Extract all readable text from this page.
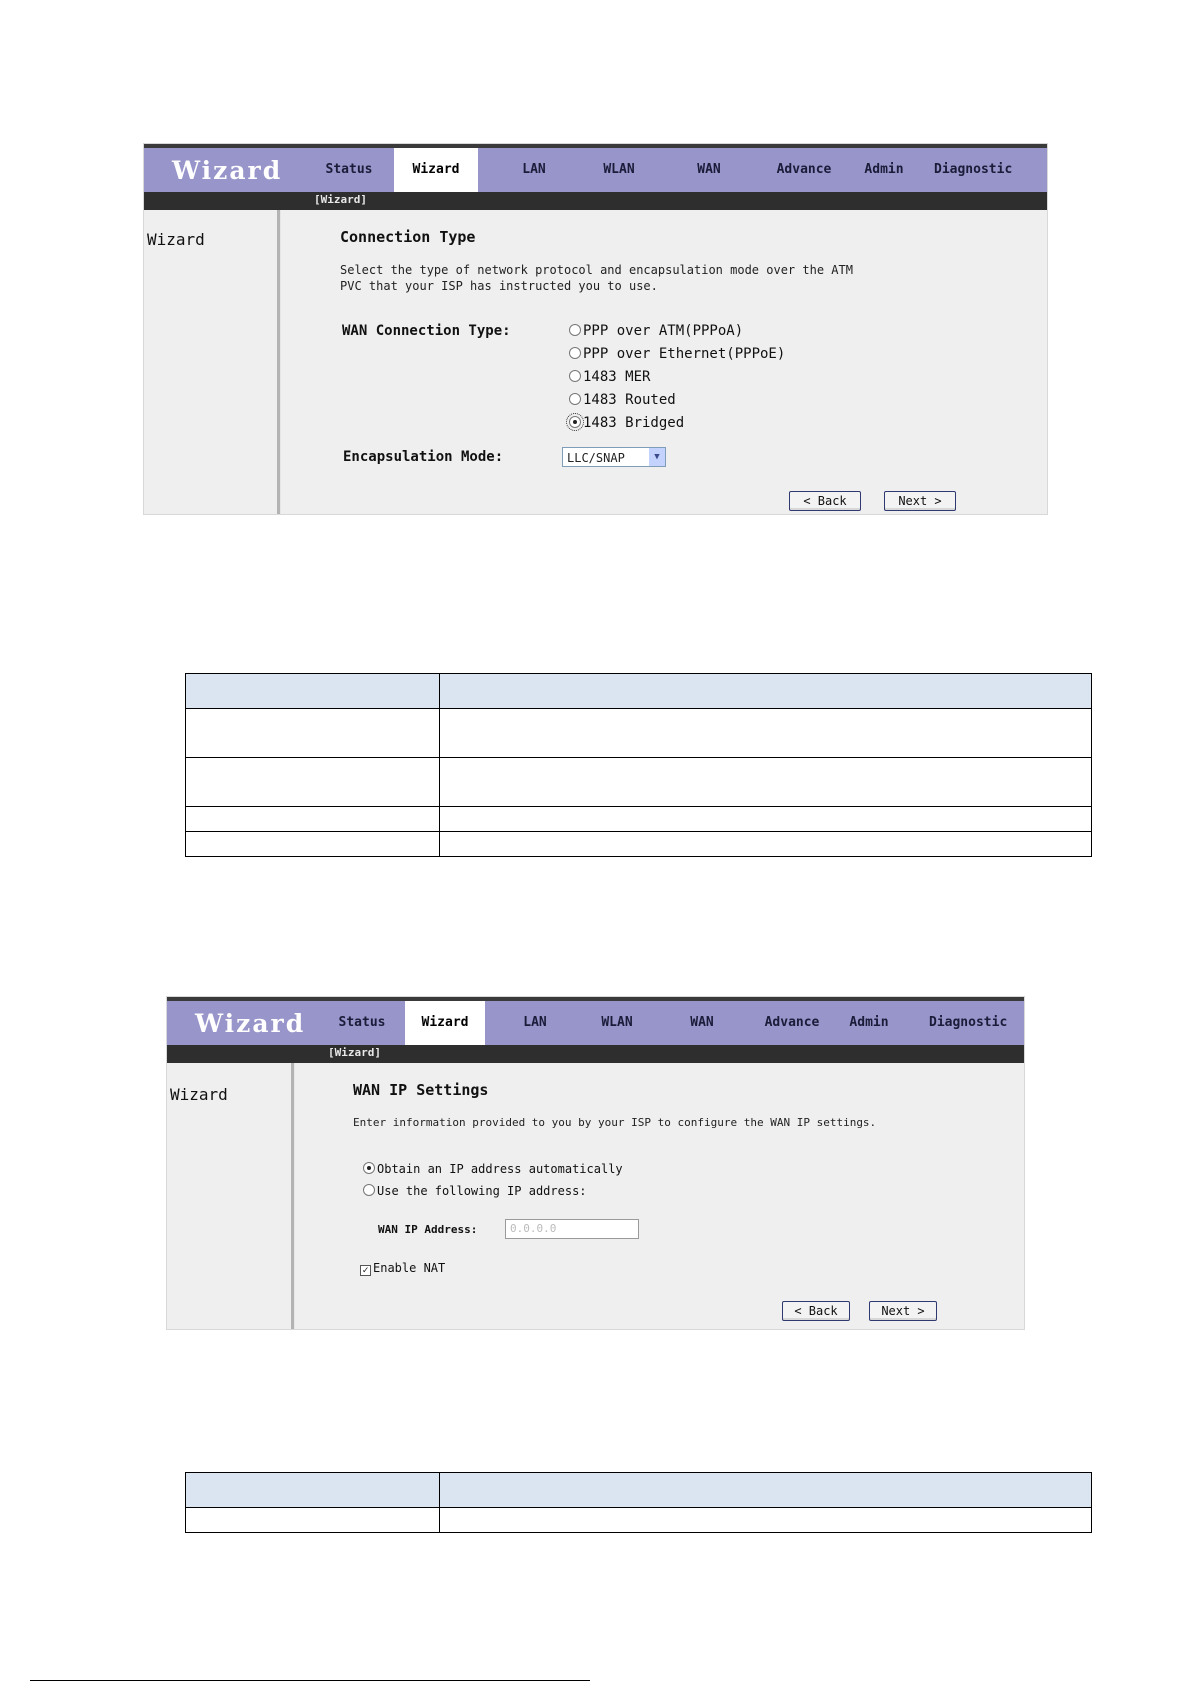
Wizard	Status	Wizard	LAN	WLAN	WAN	Advance	Admin	Diagnostic
[Wizard]
Wizard	Connection Type
Select the type of network protocol and encapsulation mode over the ATM
PVC that your ISP has instructed you to use.
WAN Connection Type:	PPP over ATM(PPPoA)
PPP over Ethernet(PPPoE)
1483 MER
1483 Routed
1483 Bridged
Encapsulation Mode:	LLC/SNAP	▼
< Back	Next >

Wizard	Status	Wizard	LAN	WLAN	WAN	Advance	Admin	Diagnostic
[Wizard]
Wizard	WAN IP Settings
Enter information provided to you by your ISP to configure the WAN IP settings.
Obtain an IP address automatically
Use the following IP address:
WAN IP Address:	0.0.0.0
✓ Enable NAT
< Back	Next >
